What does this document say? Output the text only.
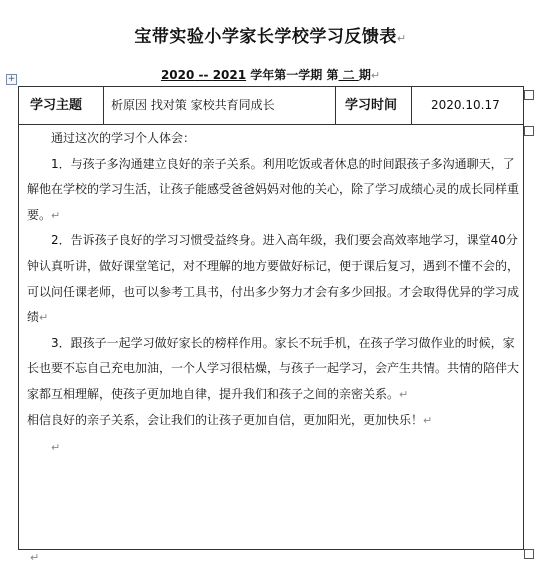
宝带实验小学家长学校学习反馈表↵
2020 -- 2021 学年第一学期 第 二 期↵
+
学习主题 析原因 找对策 家校共育同成长	学习时间	2020.10.17

通过这次的学习个人体会：

1．与孩子多沟通建立良好的亲子关系。利用吃饭或者休息的时间跟孩子多沟通聊天，了解他在学校的学习生活，让孩子能感受爸爸妈妈对他的关心，除了学习成绩心灵的成长同样重要。↵

2．告诉孩子良好的学习习惯受益终身。进入高年级，我们要会高效率地学习，课堂40分钟认真听讲，做好课堂笔记，对不理解的地方要做好标记，便于课后复习，遇到不懂不会的，可以问任课老师，也可以参考工具书，付出多少努力才会有多少回报。才会取得优异的学习成绩↵

3．跟孩子一起学习做好家长的榜样作用。家长不玩手机，在孩子学习做作业的时候，家长也要不忘自己充电加油，一个人学习很枯燥，与孩子一起学习，会产生共情。共情的陪伴大家都互相理解，使孩子更加地自律，提升我们和孩子之间的亲密关系。↵

相信良好的亲子关系，会让我们的让孩子更加自信，更加阳光，更加快乐！↵

↵

↵
